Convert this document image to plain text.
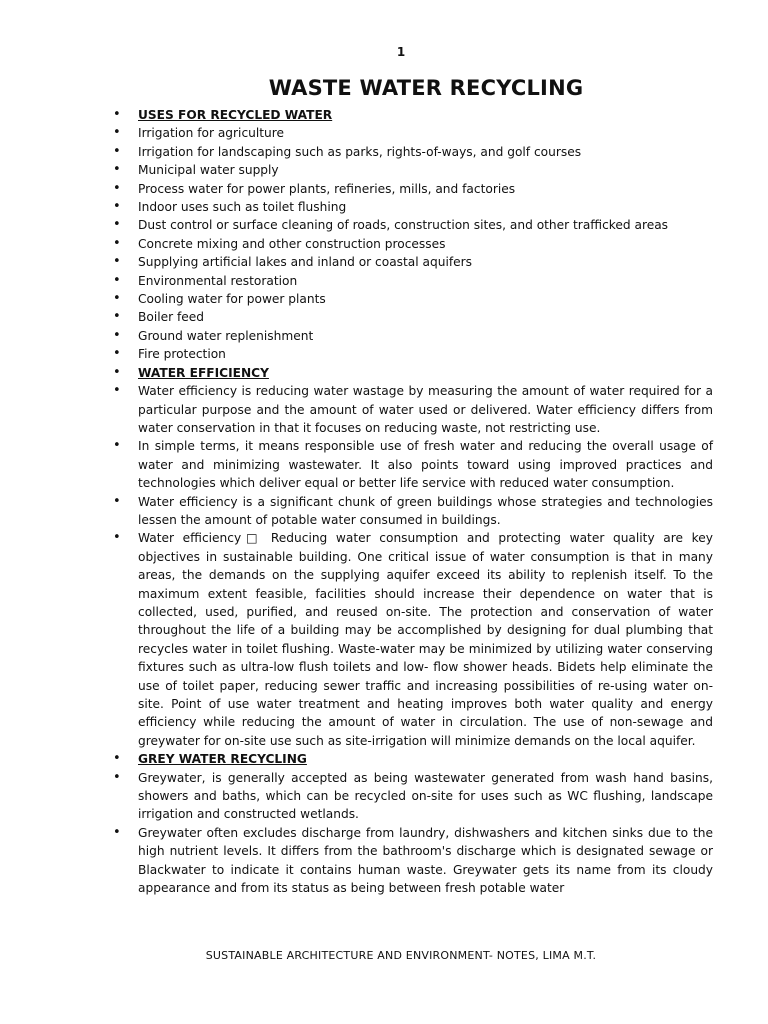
1
WASTE WATER RECYCLING
• USES FOR RECYCLED WATER
• Irrigation for agriculture
• Irrigation for landscaping such as parks, rights-of-ways, and golf courses
• Municipal water supply
• Process water for power plants, refineries, mills, and factories
• Indoor uses such as toilet flushing
• Dust control or surface cleaning of roads, construction sites, and other trafficked areas
• Concrete mixing and other construction processes
• Supplying artificial lakes and inland or coastal aquifers
• Environmental restoration
• Cooling water for power plants
• Boiler feed
• Ground water replenishment
• Fire protection
• WATER EFFICIENCY
• Water efficiency is reducing water wastage by measuring the amount of water required for a particular purpose and the amount of water used or delivered. Water efficiency differs from water conservation in that it focuses on reducing waste, not restricting use.
• In simple terms, it means responsible use of fresh water and reducing the overall usage of water and minimizing wastewater. It also points toward using improved practices and technologies which deliver equal or better life service with reduced water consumption.
• Water efficiency is a significant chunk of green buildings whose strategies and technologies lessen the amount of potable water consumed in buildings.
• Water efficiency□ Reducing water consumption and protecting water quality are key objectives in sustainable building. One critical issue of water consumption is that in many areas, the demands on the supplying aquifer exceed its ability to replenish itself. To the maximum extent feasible, facilities should increase their dependence on water that is collected, used, purified, and reused on-site. The protection and conservation of water throughout the life of a building may be accomplished by designing for dual plumbing that recycles water in toilet flushing. Waste-water may be minimized by utilizing water conserving fixtures such as ultra-low flush toilets and low- flow shower heads. Bidets help eliminate the use of toilet paper, reducing sewer traffic and increasing possibilities of re-using water on-site. Point of use water treatment and heating improves both water quality and energy efficiency while reducing the amount of water in circulation. The use of non-sewage and greywater for on-site use such as site-irrigation will minimize demands on the local aquifer.
• GREY WATER RECYCLING
• Greywater, is generally accepted as being wastewater generated from wash hand basins, showers and baths, which can be recycled on-site for uses such as WC flushing, landscape irrigation and constructed wetlands.
• Greywater often excludes discharge from laundry, dishwashers and kitchen sinks due to the high nutrient levels. It differs from the bathroom's discharge which is designated sewage or Blackwater to indicate it contains human waste. Greywater gets its name from its cloudy appearance and from its status as being between fresh potable water
SUSTAINABLE ARCHITECTURE AND ENVIRONMENT- NOTES, LIMA M.T.
